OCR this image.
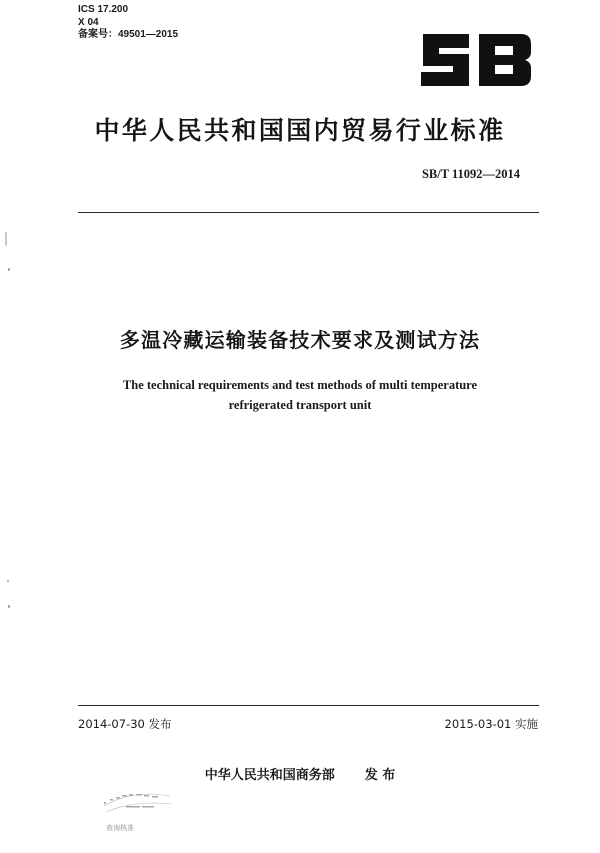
ICS 17.200
X 04
备案号：49501—2015
中华人民共和国国内贸易行业标准
SB/T 11092—2014
多温冷藏运输装备技术要求及测试方法
The technical requirements and test methods of multi temperature
refrigerated transport unit
2014-07-30 发布	2015-03-01 实施
中华人民共和国商务部 发 布
查询核准
